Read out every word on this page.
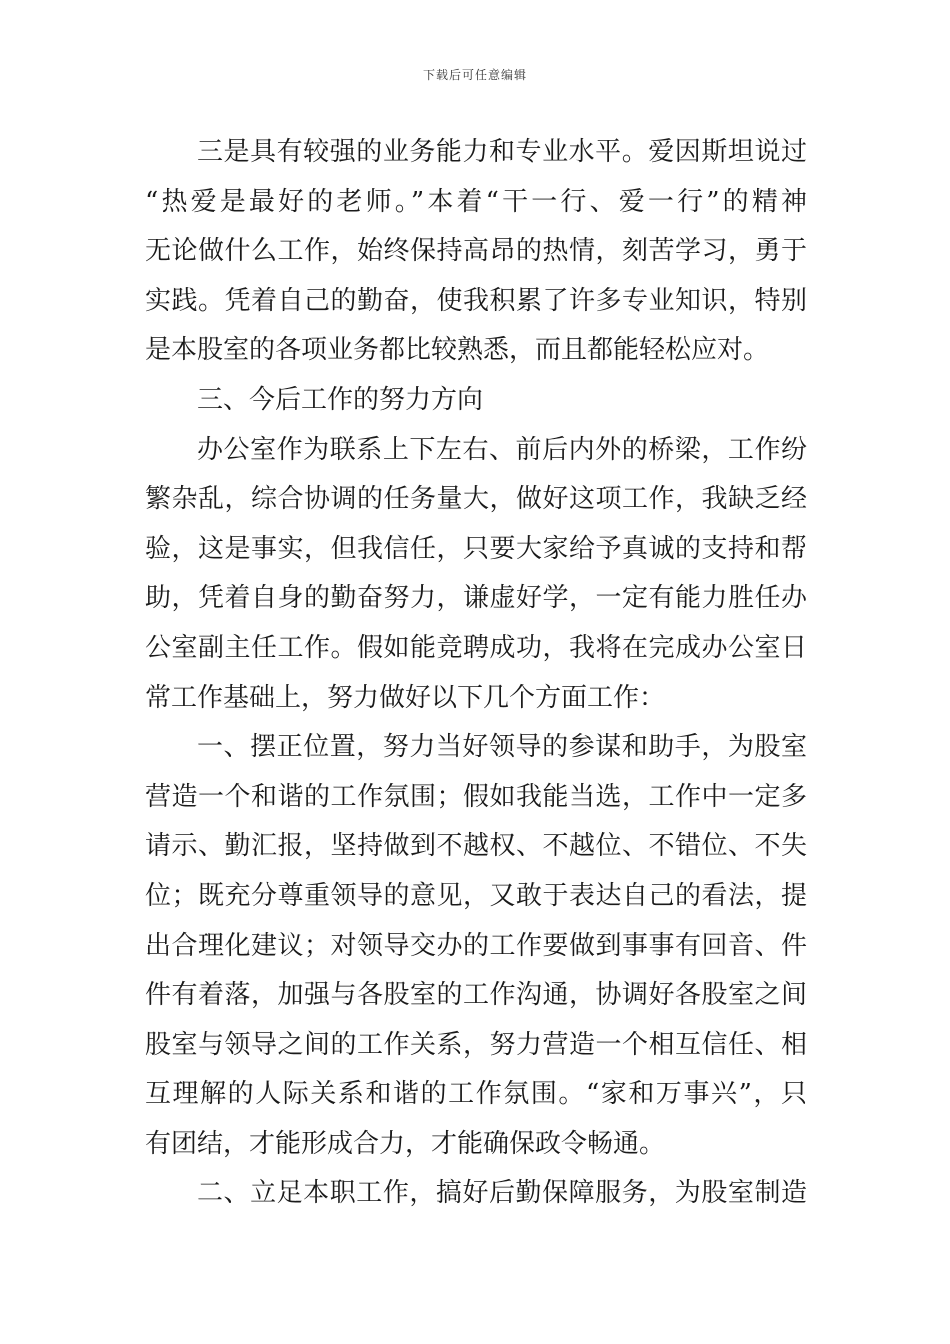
下载后可任意编辑
三是具有较强的业务能力和专业水平。爱因斯坦说过
“热爱是最好的老师。”本着“干一行、爱一行”的精神
无论做什么工作，始终保持高昂的热情，刻苦学习，勇于
实践。凭着自己的勤奋，使我积累了许多专业知识，特别
是本股室的各项业务都比较熟悉，而且都能轻松应对。
三、今后工作的努力方向
办公室作为联系上下左右、前后内外的桥梁，工作纷
繁杂乱，综合协调的任务量大，做好这项工作，我缺乏经
验，这是事实，但我信任，只要大家给予真诚的支持和帮
助，凭着自身的勤奋努力，谦虚好学，一定有能力胜任办
公室副主任工作。假如能竞聘成功，我将在完成办公室日
常工作基础上，努力做好以下几个方面工作：
一、摆正位置，努力当好领导的参谋和助手，为股室
营造一个和谐的工作氛围；假如我能当选，工作中一定多
请示、勤汇报，坚持做到不越权、不越位、不错位、不失
位；既充分尊重领导的意见，又敢于表达自己的看法，提
出合理化建议；对领导交办的工作要做到事事有回音、件
件有着落，加强与各股室的工作沟通，协调好各股室之间
股室与领导之间的工作关系，努力营造一个相互信任、相
互理解的人际关系和谐的工作氛围。“家和万事兴”，只
有团结，才能形成合力，才能确保政令畅通。
二、立足本职工作，搞好后勤保障服务，为股室制造
